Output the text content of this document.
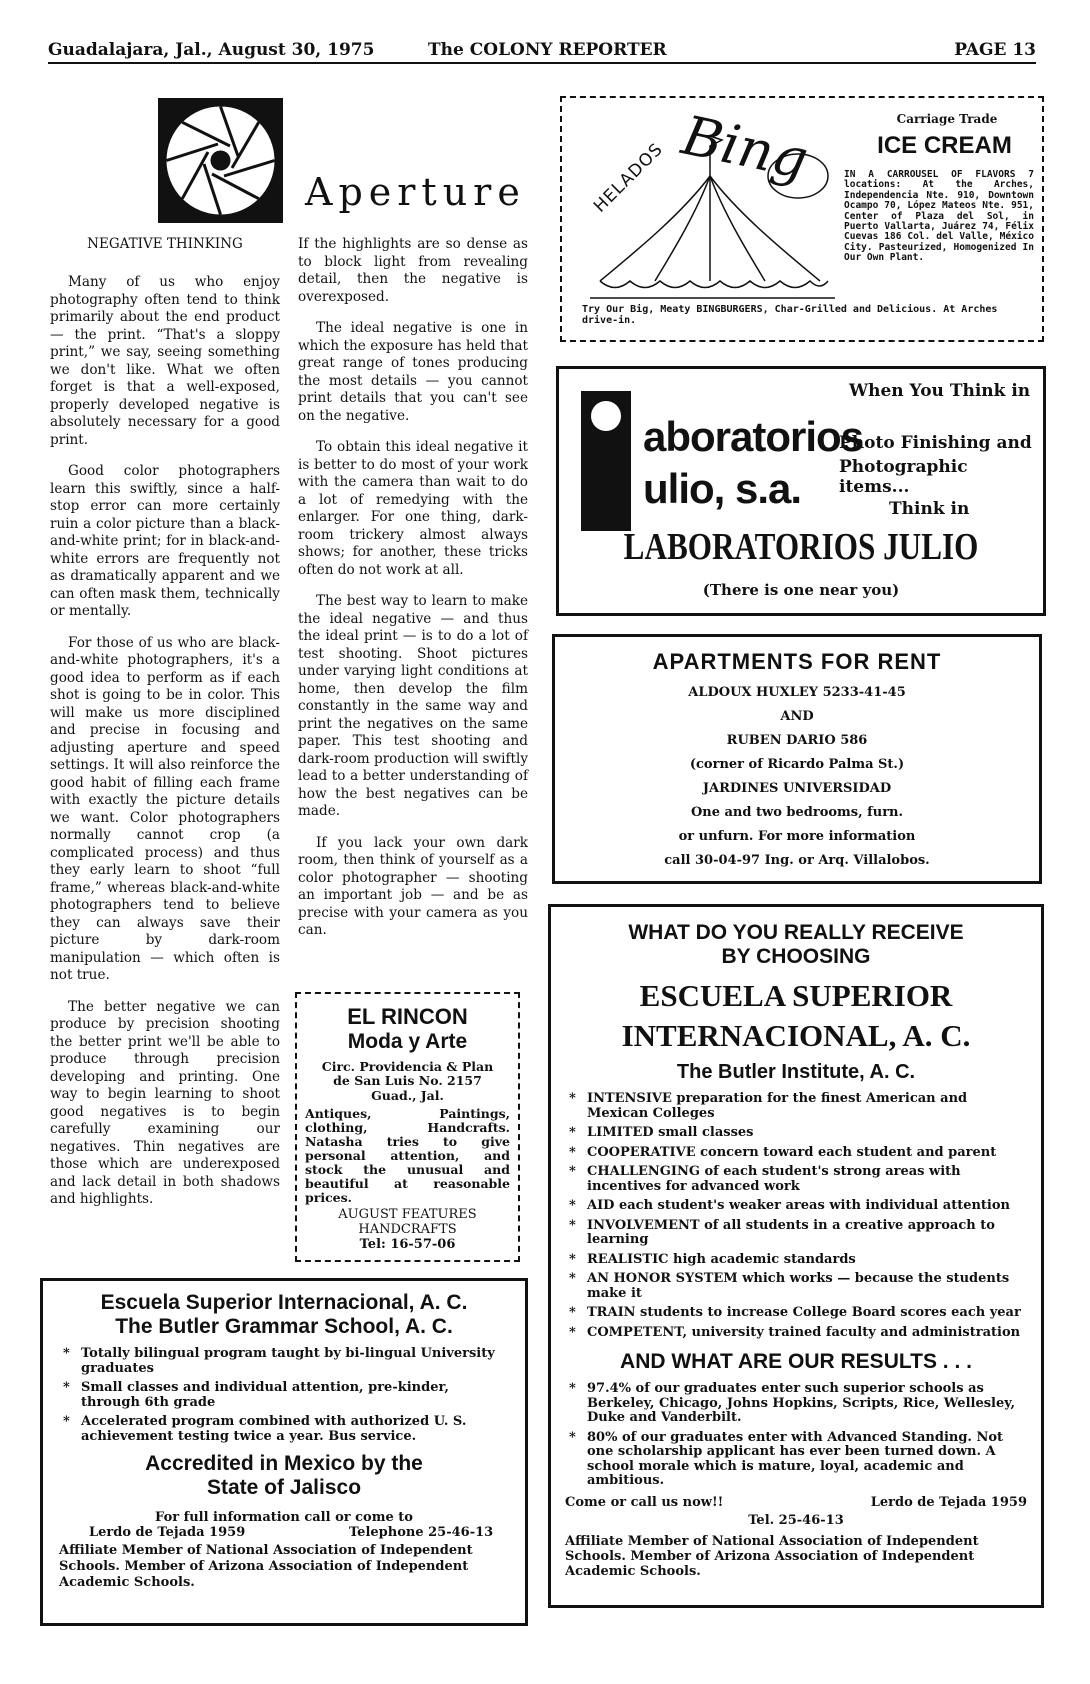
Guadalajara, Jal., August 30, 1975	The COLONY REPORTER	PAGE 13
Aperture
NEGATIVE THINKING

Many of us who enjoy photography often tend to think primarily about the end product — the print. “That's a sloppy print,” we say, seeing something we don't like. What we often forget is that a well-exposed, properly developed negative is absolutely necessary for a good print.

Good color photographers learn this swiftly, since a half-stop error can more certainly ruin a color picture than a black-and-white print; for in black-and-white errors are frequently not as dramatically apparent and we can often mask them, technically or mentally.

For those of us who are black-and-white photographers, it's a good idea to perform as if each shot is going to be in color. This will make us more disciplined and precise in focusing and adjusting aperture and speed settings. It will also reinforce the good habit of filling each frame with exactly the picture details we want. Color photographers normally cannot crop (a complicated process) and thus they early learn to shoot “full frame,” whereas black-and-white photographers tend to believe they can always save their picture by dark-room manipulation — which often is not true.

The better negative we can produce by precision shooting the better print we'll be able to produce through precision developing and printing. One way to begin learning to shoot good negatives is to begin carefully examining our negatives. Thin negatives are those which are underexposed and lack detail in both shadows and highlights.

If the highlights are so dense as to block light from revealing detail, then the negative is overexposed.

The ideal negative is one in which the exposure has held that great range of tones producing the most details — you cannot print details that you can't see on the negative.

To obtain this ideal negative it is better to do most of your work with the camera than wait to do a lot of remedying with the enlarger. For one thing, dark-room trickery almost always shows; for another, these tricks often do not work at all.

The best way to learn to make the ideal negative — and thus the ideal print — is to do a lot of test shooting. Shoot pictures under varying light conditions at home, then develop the film constantly in the same way and print the negatives on the same paper. This test shooting and dark-room production will swiftly lead to a better understanding of how the best negatives can be made.

If you lack your own dark room, then think of yourself as a color photographer — shooting an important job — and be as precise with your camera as you can.

EL RINCON
Moda y Arte
Circ. Providencia & Plan de San Luis No. 2157
Guad., Jal.
Antiques, Paintings, clothing, Handcrafts. Natasha tries to give personal attention, and stock the unusual and beautiful at reasonable prices.
AUGUST FEATURES
HANDCRAFTS
Tel: 16-57-06
Escuela Superior Internacional, A. C.
The Butler Grammar School, A. C.
* Totally bilingual program taught by bi-lingual University graduates
* Small classes and individual attention, pre-kinder, through 6th grade
* Accelerated program combined with authorized U. S. achievement testing twice a year. Bus service.
Accredited in Mexico by the
State of Jalisco
For full information call or come to
Lerdo de Tejada 1959	Telephone 25-46-13
Affiliate Member of National Association of Independent Schools. Member of Arizona Association of Independent Academic Schools.
HELADOS Bing	Carriage Trade
ICE CREAM
IN A CARROUSEL OF FLAVORS 7 locations: At the Arches, Independencia Nte. 910, Downtown Ocampo 70, López Mateos Nte. 951, Center of Plaza del Sol, in Puerto Vallarta, Juárez 74, Félix Cuevas 186 Col. del Valle, México City. Pasteurized, Homogenized In Our Own Plant.
Try Our Big, Meaty BINGBURGERS, Char-Grilled and Delicious. At Arches drive-in.
When You Think in
aboratorios
ulio, s.a.
Photo Finishing and
Photographic items...
Think in
LABORATORIOS JULIO
(There is one near you)
APARTMENTS FOR RENT
ALDOUX HUXLEY 5233-41-45
AND
RUBEN DARIO 586
(corner of Ricardo Palma St.)
JARDINES UNIVERSIDAD
One and two bedrooms, furn.
or unfurn. For more information
call 30-04-97 Ing. or Arq. Villalobos.
WHAT DO YOU REALLY RECEIVE
BY CHOOSING
ESCUELA SUPERIOR
INTERNACIONAL, A. C.
The Butler Institute, A. C.
* INTENSIVE preparation for the finest American and Mexican Colleges
* LIMITED small classes
* COOPERATIVE concern toward each student and parent
* CHALLENGING of each student's strong areas with incentives for advanced work
* AID each student's weaker areas with individual attention
* INVOLVEMENT of all students in a creative approach to learning
* REALISTIC high academic standards
* AN HONOR SYSTEM which works — because the students make it
* TRAIN students to increase College Board scores each year
* COMPETENT, university trained faculty and administration
AND WHAT ARE OUR RESULTS . . .
* 97.4% of our graduates enter such superior schools as Berkeley, Chicago, Johns Hopkins, Scripts, Rice, Wellesley, Duke and Vanderbilt.
* 80% of our graduates enter with Advanced Standing. Not one scholarship applicant has ever been turned down. A school morale which is mature, loyal, academic and ambitious.
Come or call us now!!	Lerdo de Tejada 1959
Tel. 25-46-13
Affiliate Member of National Association of Independent Schools. Member of Arizona Association of Independent Academic Schools.
